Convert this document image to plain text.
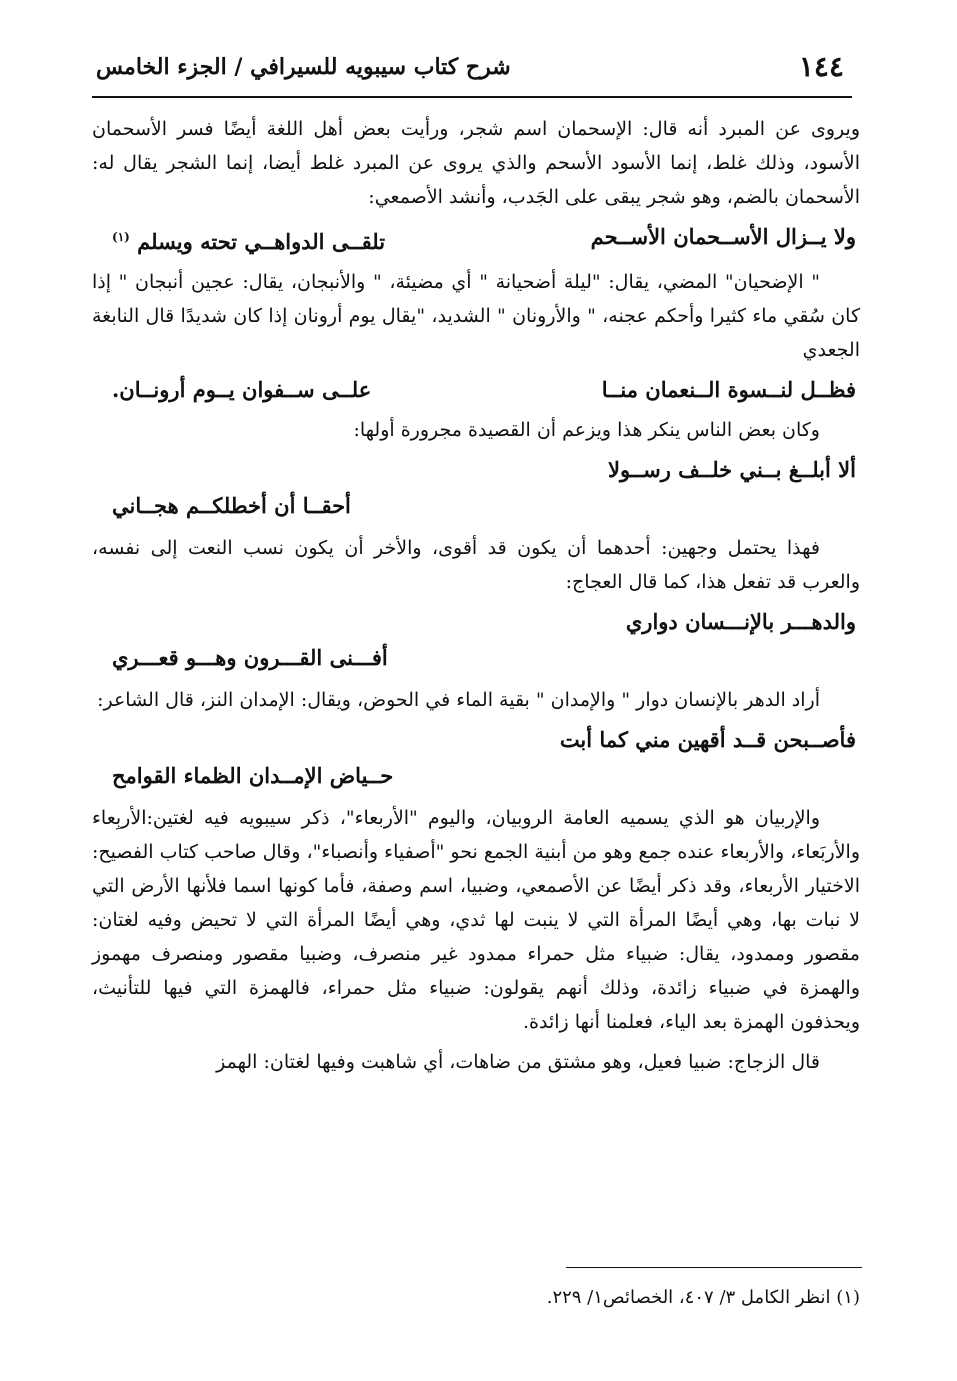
١٤٤
شرح كتاب سيبويه للسيرافي / الجزء الخامس

ويروى عن المبرد أنه قال: الإسحمان اسم شجر، ورأيت بعض أهل اللغة أيضًا فسر الأسحمان الأسود، وذلك غلط، إنما الأسود الأسحم والذي يروى عن المبرد غلط أيضا، إنما الشجر يقال له: الأسحمان بالضم، وهو شجر يبقى على الجَدب، وأنشد الأصمعي:

ولا يــزال الأســحمان الأســحم
تلقــى الدواهــي تحته ويسلم $^{(١)}$

" الإضحيان" المضي، يقال: "ليلة أضحيانة " أي مضيئة، " والأنبجان، يقال: عجين أنبجان " إذا كان سُقي ماء كثيرا وأحكم عجنه، " والأرونان " الشديد، "يقال يوم أرونان إذا كان شديدًا قال النابغة الجعدي

فظــل لنــسوة الــنعمان منــا
علــى ســفوان يــوم أرونــان.

وكان بعض الناس ينكر هذا ويزعم أن القصيدة مجرورة أولها:

ألا أبلــغ بــني خلــف رســولا
أحقــا أن أخطلكــم هجــاني

فهذا يحتمل وجهين: أحدهما أن يكون قد أقوى، والأخر أن يكون نسب النعت إلى نفسه، والعرب قد تفعل هذا، كما قال العجاج:

والدهـــر بالإنـــسان دواري
أفـــنى القـــرون وهـــو قعـــري

أراد الدهر بالإنسان دوار " والإمدان " بقية الماء في الحوض، ويقال: الإمدان النز، قال الشاعر:

فأصــبحن قــد أقهين مني كما أبت
حــياض الإمــدان الظماء القوامح

والإربيان هو الذي يسميه العامة الروبيان، واليوم "الأربعاء"، ذكر سيبويه فيه لغتين:الأربِعاء والأربَعاء، والأربعاء عنده جمع وهو من أبنية الجمع نحو "أصفياء وأنصباء"، وقال صاحب كتاب الفصيح: الاختيار الأربعاء، وقد ذكر أيضًا عن الأصمعي، وضبيا، اسم وصفة، فأما كونها اسما فلأنها الأرض التي لا نبات بها، وهي أيضًا المرأة التي لا ينبت لها ثدي، وهي أيضًا المرأة التي لا تحيض وفيه لغتان: مقصور وممدود، يقال: ضبياء مثل حمراء ممدود غير منصرف، وضبيا مقصور ومنصرف مهموز والهمزة في ضبياء زائدة، وذلك أنهم يقولون: ضبياء مثل حمراء، فالهمزة التي فيها للتأنيث، ويحذفون الهمزة بعد الياء، فعلمنا أنها زائدة.

قال الزجاج: ضبيا فعيل، وهو مشتق من ضاهات، أي شاهبت وفيها لغتان: الهمز

(١) انظر الكامل ٣/ ٤٠٧، الخصائص١/ ٢٢٩.
